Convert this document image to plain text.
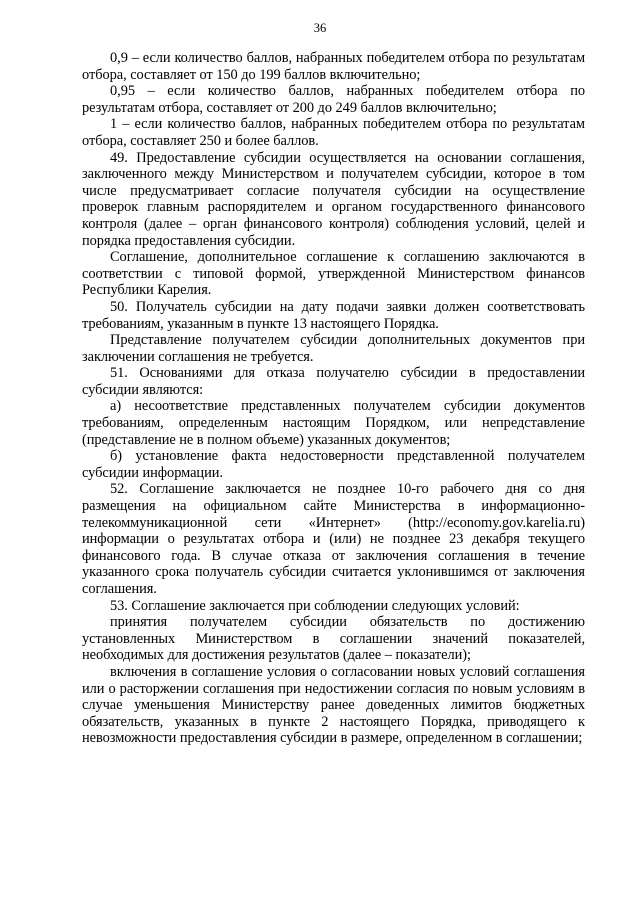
36

0,9 – если количество баллов, набранных победителем отбора по результатам отбора, составляет от 150 до 199 баллов включительно;

0,95 – если количество баллов, набранных победителем отбора по результатам отбора, составляет от 200 до 249 баллов включительно;

1 – если количество баллов, набранных победителем отбора по результатам отбора, составляет 250 и более баллов.

49. Предоставление субсидии осуществляется на основании соглашения, заключенного между Министерством и получателем субсидии, которое в том числе предусматривает согласие получателя субсидии на осуществление проверок главным распорядителем и органом государственного финансового контроля (далее – орган финансового контроля) соблюдения условий, целей и порядка предоставления субсидии.

Соглашение, дополнительное соглашение к соглашению заключаются в соответствии с типовой формой, утвержденной Министерством финансов Республики Карелия.

50. Получатель субсидии на дату подачи заявки должен соответствовать требованиям, указанным в пункте 13 настоящего Порядка.

Представление получателем субсидии дополнительных документов при заключении соглашения не требуется.

51. Основаниями для отказа получателю субсидии в предоставлении субсидии являются:

а) несоответствие представленных получателем субсидии документов требованиям, определенным настоящим Порядком, или непредставление (представление не в полном объеме) указанных документов;

б) установление факта недостоверности представленной получателем субсидии информации.

52. Соглашение заключается не позднее 10-го рабочего дня со дня размещения на официальном сайте Министерства в информационно-телекоммуникационной сети «Интернет» (http://economy.gov.karelia.ru) информации о результатах отбора и (или) не позднее 23 декабря текущего финансового года. В случае отказа от заключения соглашения в течение указанного срока получатель субсидии считается уклонившимся от заключения соглашения.

53. Соглашение заключается при соблюдении следующих условий:

принятия получателем субсидии обязательств по достижению установленных Министерством в соглашении значений показателей, необходимых для достижения результатов (далее – показатели);

включения в соглашение условия о согласовании новых условий соглашения или о расторжении соглашения при недостижении согласия по новым условиям в случае уменьшения Министерству ранее доведенных лимитов бюджетных обязательств, указанных в пункте 2 настоящего Порядка, приводящего к невозможности предоставления субсидии в размере, определенном в соглашении;
